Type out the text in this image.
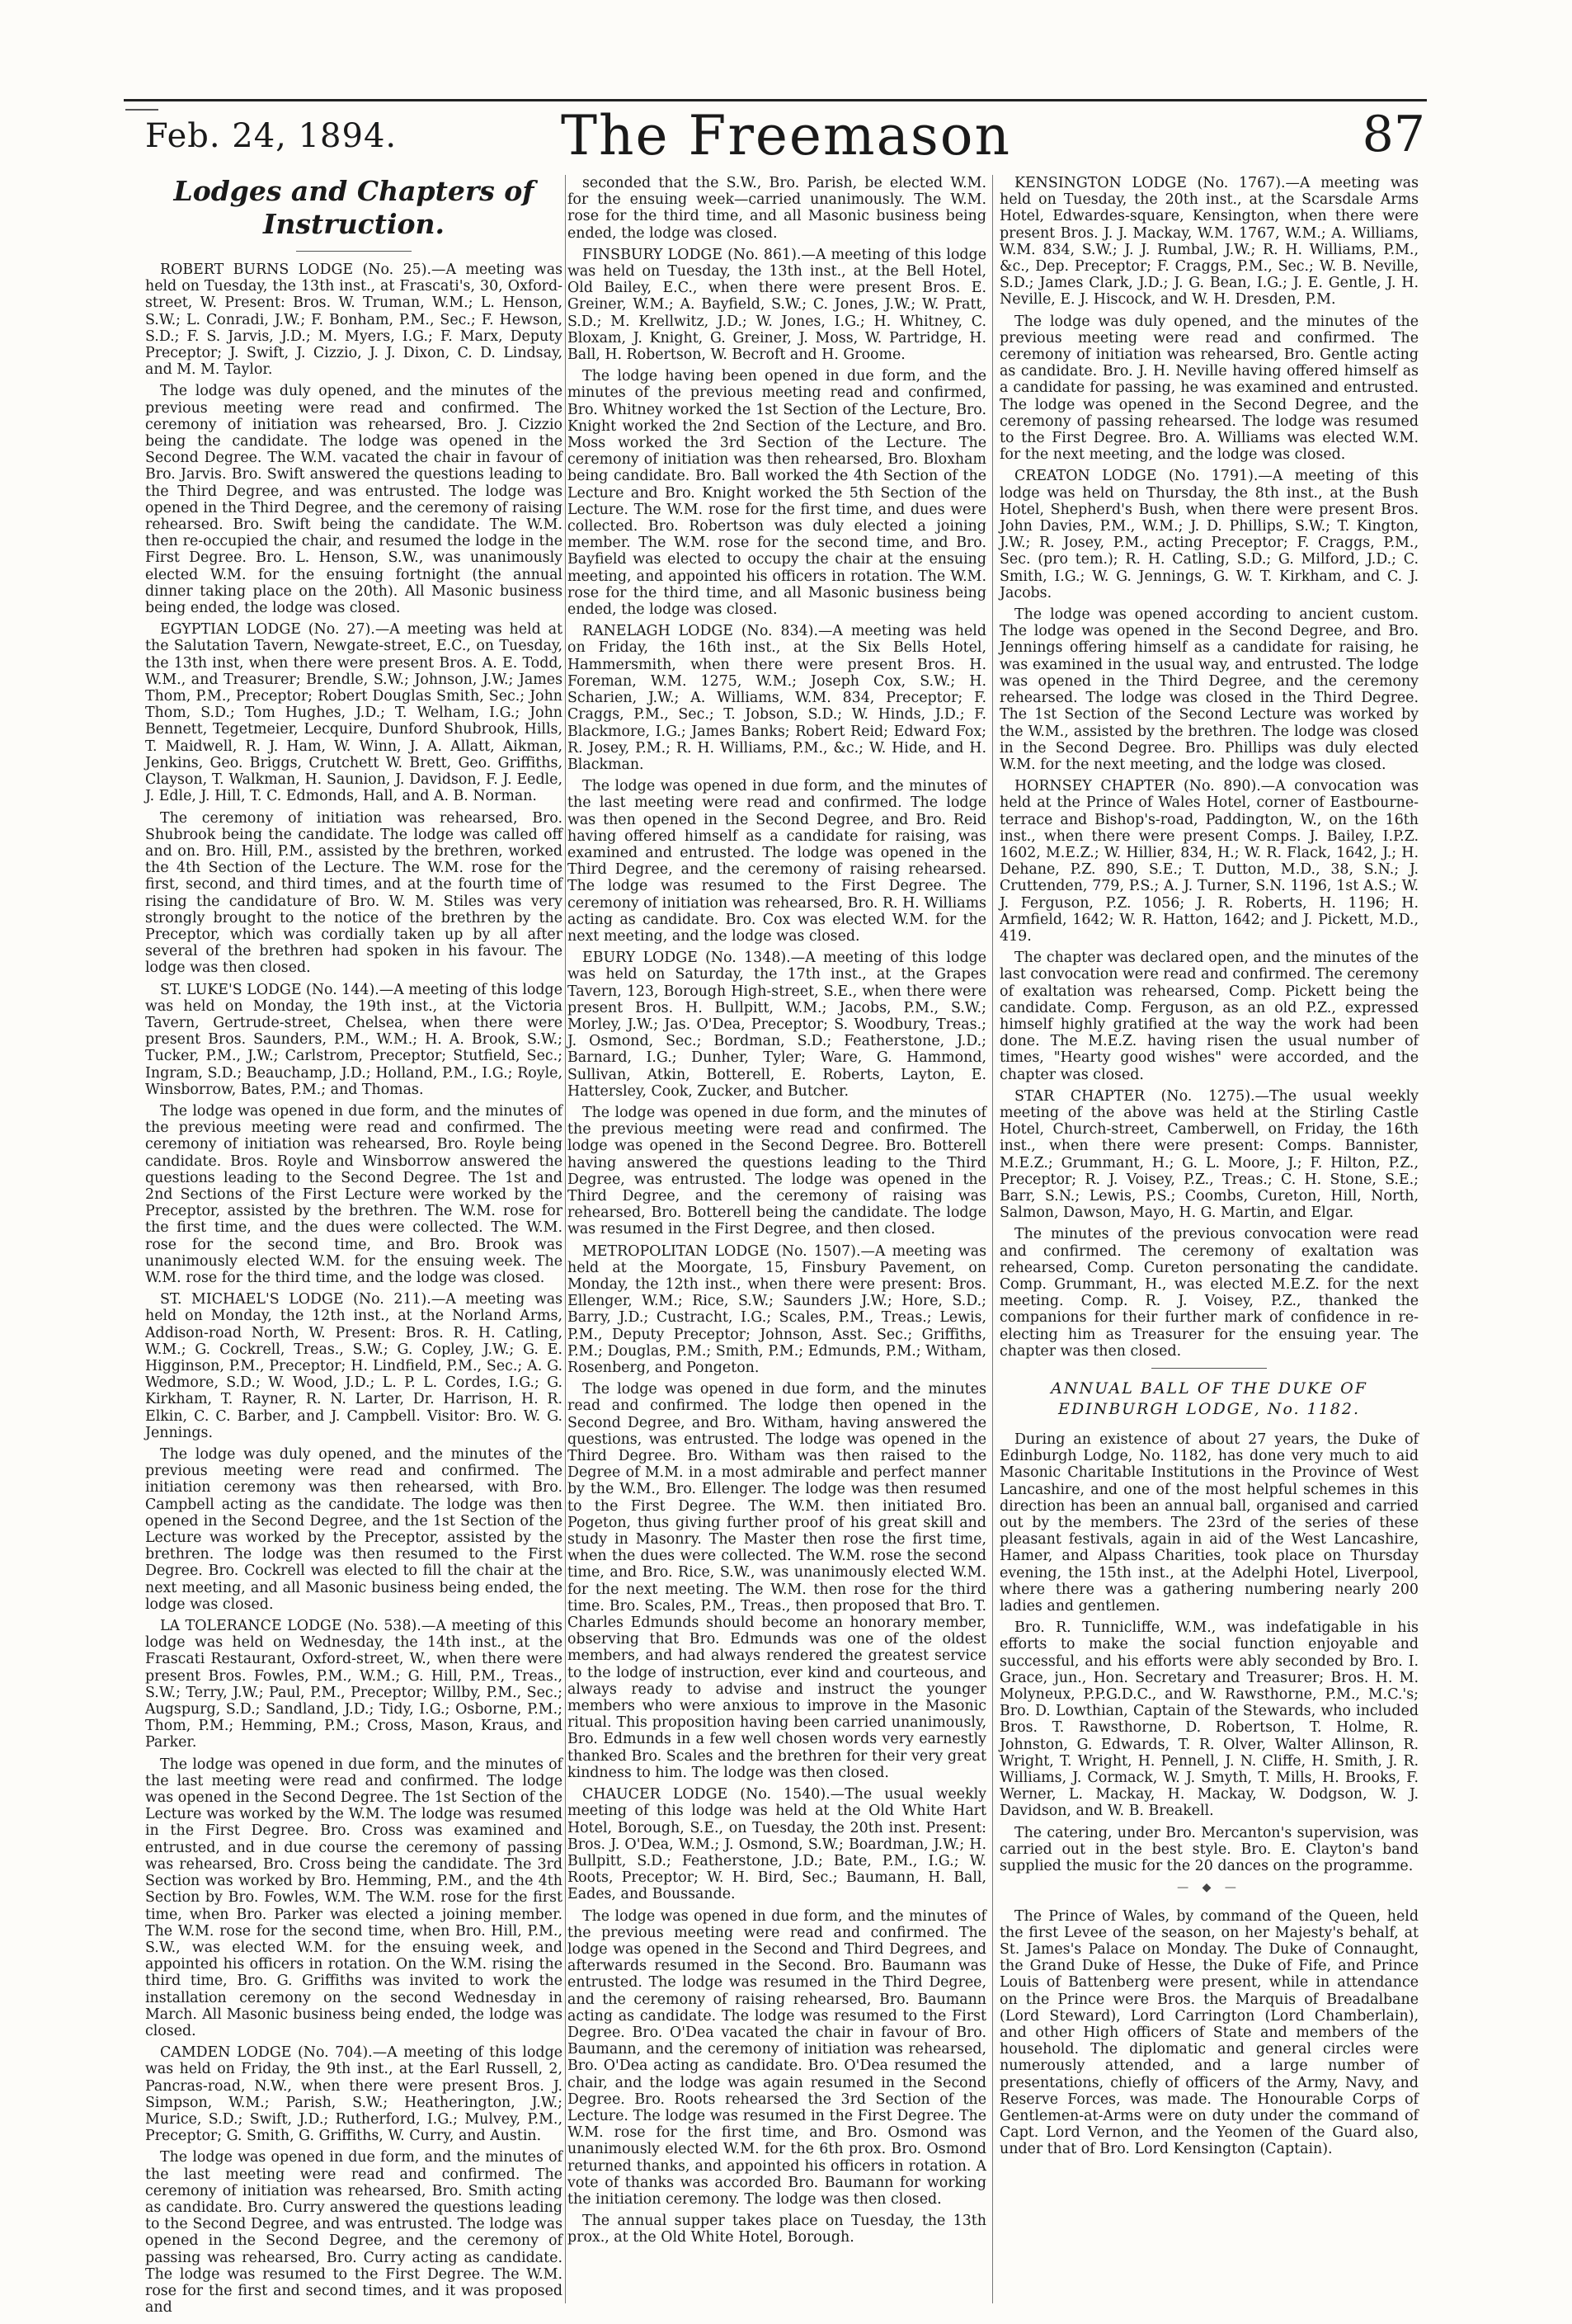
Feb. 24, 1894.	The Freemason	87
Lodges and Chapters of Instruction.

ROBERT BURNS LODGE (No. 25).—A meeting was held on Tuesday, the 13th inst., at Frascati's, 30, Oxford-street, W. Present: Bros. W. Truman, W.M.; L. Henson, S.W.; L. Conradi, J.W.; F. Bonham, P.M., Sec.; F. Hewson, S.D.; F. S. Jarvis, J.D.; M. Myers, I.G.; F. Marx, Deputy Preceptor; J. Swift, J. Cizzio, J. J. Dixon, C. D. Lindsay, and M. M. Taylor.

The lodge was duly opened, and the minutes of the previous meeting were read and confirmed. The ceremony of initiation was rehearsed, Bro. J. Cizzio being the candidate. The lodge was opened in the Second Degree. The W.M. vacated the chair in favour of Bro. Jarvis. Bro. Swift answered the questions leading to the Third Degree, and was entrusted. The lodge was opened in the Third Degree, and the ceremony of raising rehearsed. Bro. Swift being the candidate. The W.M. then re-occupied the chair, and resumed the lodge in the First Degree. Bro. L. Henson, S.W., was unanimously elected W.M. for the ensuing fortnight (the annual dinner taking place on the 20th). All Masonic business being ended, the lodge was closed.

EGYPTIAN LODGE (No. 27).—A meeting was held at the Salutation Tavern, Newgate-street, E.C., on Tuesday, the 13th inst, when there were present Bros. A. E. Todd, W.M., and Treasurer; Brendle, S.W.; Johnson, J.W.; James Thom, P.M., Preceptor; Robert Douglas Smith, Sec.; John Thom, S.D.; Tom Hughes, J.D.; T. Welham, I.G.; John Bennett, Tegetmeier, Lecquire, Dunford Shubrook, Hills, T. Maidwell, R. J. Ham, W. Winn, J. A. Allatt, Aikman, Jenkins, Geo. Briggs, Crutchett W. Brett, Geo. Griffiths, Clayson, T. Walkman, H. Saunion, J. Davidson, F. J. Eedle, J. Edle, J. Hill, T. C. Edmonds, Hall, and A. B. Norman.

The ceremony of initiation was rehearsed, Bro. Shubrook being the candidate. The lodge was called off and on. Bro. Hill, P.M., assisted by the brethren, worked the 4th Section of the Lecture. The W.M. rose for the first, second, and third times, and at the fourth time of rising the candidature of Bro. W. M. Stiles was very strongly brought to the notice of the brethren by the Preceptor, which was cordially taken up by all after several of the brethren had spoken in his favour. The lodge was then closed.

ST. LUKE'S LODGE (No. 144).—A meeting of this lodge was held on Monday, the 19th inst., at the Victoria Tavern, Gertrude-street, Chelsea, when there were present Bros. Saunders, P.M., W.M.; H. A. Brook, S.W.; Tucker, P.M., J.W.; Carlstrom, Preceptor; Stutfield, Sec.; Ingram, S.D.; Beauchamp, J.D.; Holland, P.M., I.G.; Royle, Winsborrow, Bates, P.M.; and Thomas.

The lodge was opened in due form, and the minutes of the previous meeting were read and confirmed. The ceremony of initiation was rehearsed, Bro. Royle being candidate. Bros. Royle and Winsborrow answered the questions leading to the Second Degree. The 1st and 2nd Sections of the First Lecture were worked by the Preceptor, assisted by the brethren. The W.M. rose for the first time, and the dues were collected. The W.M. rose for the second time, and Bro. Brook was unanimously elected W.M. for the ensuing week. The W.M. rose for the third time, and the lodge was closed.

ST. MICHAEL'S LODGE (No. 211).—A meeting was held on Monday, the 12th inst., at the Norland Arms, Addison-road North, W. Present: Bros. R. H. Catling, W.M.; G. Cockrell, Treas., S.W.; G. Copley, J.W.; G. E. Higginson, P.M., Preceptor; H. Lindfield, P.M., Sec.; A. G. Wedmore, S.D.; W. Wood, J.D.; L. P. L. Cordes, I.G.; G. Kirkham, T. Rayner, R. N. Larter, Dr. Harrison, H. R. Elkin, C. C. Barber, and J. Campbell. Visitor: Bro. W. G. Jennings.

The lodge was duly opened, and the minutes of the previous meeting were read and confirmed. The initiation ceremony was then rehearsed, with Bro. Campbell acting as the candidate. The lodge was then opened in the Second Degree, and the 1st Section of the Lecture was worked by the Preceptor, assisted by the brethren. The lodge was then resumed to the First Degree. Bro. Cockrell was elected to fill the chair at the next meeting, and all Masonic business being ended, the lodge was closed.

LA TOLERANCE LODGE (No. 538).—A meeting of this lodge was held on Wednesday, the 14th inst., at the Frascati Restaurant, Oxford-street, W., when there were present Bros. Fowles, P.M., W.M.; G. Hill, P.M., Treas., S.W.; Terry, J.W.; Paul, P.M., Preceptor; Willby, P.M., Sec.; Augspurg, S.D.; Sandland, J.D.; Tidy, I.G.; Osborne, P.M.; Thom, P.M.; Hemming, P.M.; Cross, Mason, Kraus, and Parker.

The lodge was opened in due form, and the minutes of the last meeting were read and confirmed. The lodge was opened in the Second Degree. The 1st Section of the Lecture was worked by the W.M. The lodge was resumed in the First Degree. Bro. Cross was examined and entrusted, and in due course the ceremony of passing was rehearsed, Bro. Cross being the candidate. The 3rd Section was worked by Bro. Hemming, P.M., and the 4th Section by Bro. Fowles, W.M. The W.M. rose for the first time, when Bro. Parker was elected a joining member. The W.M. rose for the second time, when Bro. Hill, P.M., S.W., was elected W.M. for the ensuing week, and appointed his officers in rotation. On the W.M. rising the third time, Bro. G. Griffiths was invited to work the installation ceremony on the second Wednesday in March. All Masonic business being ended, the lodge was closed.

CAMDEN LODGE (No. 704).—A meeting of this lodge was held on Friday, the 9th inst., at the Earl Russell, 2, Pancras-road, N.W., when there were present Bros. J. Simpson, W.M.; Parish, S.W.; Heatherington, J.W.; Murice, S.D.; Swift, J.D.; Rutherford, I.G.; Mulvey, P.M., Preceptor; G. Smith, G. Griffiths, W. Curry, and Austin.

The lodge was opened in due form, and the minutes of the last meeting were read and confirmed. The ceremony of initiation was rehearsed, Bro. Smith acting as candidate. Bro. Curry answered the questions leading to the Second Degree, and was entrusted. The lodge was opened in the Second Degree, and the ceremony of passing was rehearsed, Bro. Curry acting as candidate. The lodge was resumed to the First Degree. The W.M. rose for the first and second times, and it was proposed and

seconded that the S.W., Bro. Parish, be elected W.M. for the ensuing week—carried unanimously. The W.M. rose for the third time, and all Masonic business being ended, the lodge was closed.

FINSBURY LODGE (No. 861).—A meeting of this lodge was held on Tuesday, the 13th inst., at the Bell Hotel, Old Bailey, E.C., when there were present Bros. E. Greiner, W.M.; A. Bayfield, S.W.; C. Jones, J.W.; W. Pratt, S.D.; M. Krellwitz, J.D.; W. Jones, I.G.; H. Whitney, C. Bloxam, J. Knight, G. Greiner, J. Moss, W. Partridge, H. Ball, H. Robertson, W. Becroft and H. Groome.

The lodge having been opened in due form, and the minutes of the previous meeting read and confirmed, Bro. Whitney worked the 1st Section of the Lecture, Bro. Knight worked the 2nd Section of the Lecture, and Bro. Moss worked the 3rd Section of the Lecture. The ceremony of initiation was then rehearsed, Bro. Bloxham being candidate. Bro. Ball worked the 4th Section of the Lecture and Bro. Knight worked the 5th Section of the Lecture. The W.M. rose for the first time, and dues were collected. Bro. Robertson was duly elected a joining member. The W.M. rose for the second time, and Bro. Bayfield was elected to occupy the chair at the ensuing meeting, and appointed his officers in rotation. The W.M. rose for the third time, and all Masonic business being ended, the lodge was closed.

RANELAGH LODGE (No. 834).—A meeting was held on Friday, the 16th inst., at the Six Bells Hotel, Hammersmith, when there were present Bros. H. Foreman, W.M. 1275, W.M.; Joseph Cox, S.W.; H. Scharien, J.W.; A. Williams, W.M. 834, Preceptor; F. Craggs, P.M., Sec.; T. Jobson, S.D.; W. Hinds, J.D.; F. Blackmore, I.G.; James Banks; Robert Reid; Edward Fox; R. Josey, P.M.; R. H. Williams, P.M., &c.; W. Hide, and H. Blackman.

The lodge was opened in due form, and the minutes of the last meeting were read and confirmed. The lodge was then opened in the Second Degree, and Bro. Reid having offered himself as a candidate for raising, was examined and entrusted. The lodge was opened in the Third Degree, and the ceremony of raising rehearsed. The lodge was resumed to the First Degree. The ceremony of initiation was rehearsed, Bro. R. H. Williams acting as candidate. Bro. Cox was elected W.M. for the next meeting, and the lodge was closed.

EBURY LODGE (No. 1348).—A meeting of this lodge was held on Saturday, the 17th inst., at the Grapes Tavern, 123, Borough High-street, S.E., when there were present Bros. H. Bullpitt, W.M.; Jacobs, P.M., S.W.; Morley, J.W.; Jas. O'Dea, Preceptor; S. Woodbury, Treas.; J. Osmond, Sec.; Bordman, S.D.; Featherstone, J.D.; Barnard, I.G.; Dunher, Tyler; Ware, G. Hammond, Sullivan, Atkin, Botterell, E. Roberts, Layton, E. Hattersley, Cook, Zucker, and Butcher.

The lodge was opened in due form, and the minutes of the previous meeting were read and confirmed. The lodge was opened in the Second Degree. Bro. Botterell having answered the questions leading to the Third Degree, was entrusted. The lodge was opened in the Third Degree, and the ceremony of raising was rehearsed, Bro. Botterell being the candidate. The lodge was resumed in the First Degree, and then closed.

METROPOLITAN LODGE (No. 1507).—A meeting was held at the Moorgate, 15, Finsbury Pavement, on Monday, the 12th inst., when there were present: Bros. Ellenger, W.M.; Rice, S.W.; Saunders J.W.; Hore, S.D.; Barry, J.D.; Custracht, I.G.; Scales, P.M., Treas.; Lewis, P.M., Deputy Preceptor; Johnson, Asst. Sec.; Griffiths, P.M.; Douglas, P.M.; Smith, P.M.; Edmunds, P.M.; Witham, Rosenberg, and Pongeton.

The lodge was opened in due form, and the minutes read and confirmed. The lodge then opened in the Second Degree, and Bro. Witham, having answered the questions, was entrusted. The lodge was opened in the Third Degree. Bro. Witham was then raised to the Degree of M.M. in a most admirable and perfect manner by the W.M., Bro. Ellenger. The lodge was then resumed to the First Degree. The W.M. then initiated Bro. Pogeton, thus giving further proof of his great skill and study in Masonry. The Master then rose the first time, when the dues were collected. The W.M. rose the second time, and Bro. Rice, S.W., was unanimously elected W.M. for the next meeting. The W.M. then rose for the third time. Bro. Scales, P.M., Treas., then proposed that Bro. T. Charles Edmunds should become an honorary member, observing that Bro. Edmunds was one of the oldest members, and had always rendered the greatest service to the lodge of instruction, ever kind and courteous, and always ready to advise and instruct the younger members who were anxious to improve in the Masonic ritual. This proposition having been carried unanimously, Bro. Edmunds in a few well chosen words very earnestly thanked Bro. Scales and the brethren for their very great kindness to him. The lodge was then closed.

CHAUCER LODGE (No. 1540).—The usual weekly meeting of this lodge was held at the Old White Hart Hotel, Borough, S.E., on Tuesday, the 20th inst. Present: Bros. J. O'Dea, W.M.; J. Osmond, S.W.; Boardman, J.W.; H. Bullpitt, S.D.; Featherstone, J.D.; Bate, P.M., I.G.; W. Roots, Preceptor; W. H. Bird, Sec.; Baumann, H. Ball, Eades, and Boussande.

The lodge was opened in due form, and the minutes of the previous meeting were read and confirmed. The lodge was opened in the Second and Third Degrees, and afterwards resumed in the Second. Bro. Baumann was entrusted. The lodge was resumed in the Third Degree, and the ceremony of raising rehearsed, Bro. Baumann acting as candidate. The lodge was resumed to the First Degree. Bro. O'Dea vacated the chair in favour of Bro. Baumann, and the ceremony of initiation was rehearsed, Bro. O'Dea acting as candidate. Bro. O'Dea resumed the chair, and the lodge was again resumed in the Second Degree. Bro. Roots rehearsed the 3rd Section of the Lecture. The lodge was resumed in the First Degree. The W.M. rose for the first time, and Bro. Osmond was unanimously elected W.M. for the 6th prox. Bro. Osmond returned thanks, and appointed his officers in rotation. A vote of thanks was accorded Bro. Baumann for working the initiation ceremony. The lodge was then closed.

The annual supper takes place on Tuesday, the 13th prox., at the Old White Hotel, Borough.

KENSINGTON LODGE (No. 1767).—A meeting was held on Tuesday, the 20th inst., at the Scarsdale Arms Hotel, Edwardes-square, Kensington, when there were present Bros. J. J. Mackay, W.M. 1767, W.M.; A. Williams, W.M. 834, S.W.; J. J. Rumbal, J.W.; R. H. Williams, P.M., &c., Dep. Preceptor; F. Craggs, P.M., Sec.; W. B. Neville, S.D.; James Clark, J.D.; J. G. Bean, I.G.; J. E. Gentle, J. H. Neville, E. J. Hiscock, and W. H. Dresden, P.M.

The lodge was duly opened, and the minutes of the previous meeting were read and confirmed. The ceremony of initiation was rehearsed, Bro. Gentle acting as candidate. Bro. J. H. Neville having offered himself as a candidate for passing, he was examined and entrusted. The lodge was opened in the Second Degree, and the ceremony of passing rehearsed. The lodge was resumed to the First Degree. Bro. A. Williams was elected W.M. for the next meeting, and the lodge was closed.

CREATON LODGE (No. 1791).—A meeting of this lodge was held on Thursday, the 8th inst., at the Bush Hotel, Shepherd's Bush, when there were present Bros. John Davies, P.M., W.M.; J. D. Phillips, S.W.; T. Kington, J.W.; R. Josey, P.M., acting Preceptor; F. Craggs, P.M., Sec. (pro tem.); R. H. Catling, S.D.; G. Milford, J.D.; C. Smith, I.G.; W. G. Jennings, G. W. T. Kirkham, and C. J. Jacobs.

The lodge was opened according to ancient custom. The lodge was opened in the Second Degree, and Bro. Jennings offering himself as a candidate for raising, he was examined in the usual way, and entrusted. The lodge was opened in the Third Degree, and the ceremony rehearsed. The lodge was closed in the Third Degree. The 1st Section of the Second Lecture was worked by the W.M., assisted by the brethren. The lodge was closed in the Second Degree. Bro. Phillips was duly elected W.M. for the next meeting, and the lodge was closed.

HORNSEY CHAPTER (No. 890).—A convocation was held at the Prince of Wales Hotel, corner of Eastbourne-terrace and Bishop's-road, Paddington, W., on the 16th inst., when there were present Comps. J. Bailey, I.P.Z. 1602, M.E.Z.; W. Hillier, 834, H.; W. R. Flack, 1642, J.; H. Dehane, P.Z. 890, S.E.; T. Dutton, M.D., 38, S.N.; J. Cruttenden, 779, P.S.; A. J. Turner, S.N. 1196, 1st A.S.; W. J. Ferguson, P.Z. 1056; J. R. Roberts, H. 1196; H. Armfield, 1642; W. R. Hatton, 1642; and J. Pickett, M.D., 419.

The chapter was declared open, and the minutes of the last convocation were read and confirmed. The ceremony of exaltation was rehearsed, Comp. Pickett being the candidate. Comp. Ferguson, as an old P.Z., expressed himself highly gratified at the way the work had been done. The M.E.Z. having risen the usual number of times, "Hearty good wishes" were accorded, and the chapter was closed.

STAR CHAPTER (No. 1275).—The usual weekly meeting of the above was held at the Stirling Castle Hotel, Church-street, Camberwell, on Friday, the 16th inst., when there were present: Comps. Bannister, M.E.Z.; Grummant, H.; G. L. Moore, J.; F. Hilton, P.Z., Preceptor; R. J. Voisey, P.Z., Treas.; C. H. Stone, S.E.; Barr, S.N.; Lewis, P.S.; Coombs, Cureton, Hill, North, Salmon, Dawson, Mayo, H. G. Martin, and Elgar.

The minutes of the previous convocation were read and confirmed. The ceremony of exaltation was rehearsed, Comp. Cureton personating the candidate. Comp. Grummant, H., was elected M.E.Z. for the next meeting. Comp. R. J. Voisey, P.Z., thanked the companions for their further mark of confidence in re-electing him as Treasurer for the ensuing year. The chapter was then closed.

ANNUAL BALL OF THE DUKE OF
EDINBURGH LODGE, No. 1182.

During an existence of about 27 years, the Duke of Edinburgh Lodge, No. 1182, has done very much to aid Masonic Charitable Institutions in the Province of West Lancashire, and one of the most helpful schemes in this direction has been an annual ball, organised and carried out by the members. The 23rd of the series of these pleasant festivals, again in aid of the West Lancashire, Hamer, and Alpass Charities, took place on Thursday evening, the 15th inst., at the Adelphi Hotel, Liverpool, where there was a gathering numbering nearly 200 ladies and gentlemen.

Bro. R. Tunnicliffe, W.M., was indefatigable in his efforts to make the social function enjoyable and successful, and his efforts were ably seconded by Bro. I. Grace, jun., Hon. Secretary and Treasurer; Bros. H. M. Molyneux, P.P.G.D.C., and W. Rawsthorne, P.M., M.C.'s; Bro. D. Lowthian, Captain of the Stewards, who included Bros. T. Rawsthorne, D. Robertson, T. Holme, R. Johnston, G. Edwards, T. R. Olver, Walter Allinson, R. Wright, T. Wright, H. Pennell, J. N. Cliffe, H. Smith, J. R. Williams, J. Cormack, W. J. Smyth, T. Mills, H. Brooks, F. Werner, L. Mackay, H. Mackay, W. Dodgson, W. J. Davidson, and W. B. Breakell.

The catering, under Bro. Mercanton's supervision, was carried out in the best style. Bro. E. Clayton's band supplied the music for the 20 dances on the programme.

— ◆ —

The Prince of Wales, by command of the Queen, held the first Levee of the season, on her Majesty's behalf, at St. James's Palace on Monday. The Duke of Connaught, the Grand Duke of Hesse, the Duke of Fife, and Prince Louis of Battenberg were present, while in attendance on the Prince were Bros. the Marquis of Breadalbane (Lord Steward), Lord Carrington (Lord Chamberlain), and other High officers of State and members of the household. The diplomatic and general circles were numerously attended, and a large number of presentations, chiefly of officers of the Army, Navy, and Reserve Forces, was made. The Honourable Corps of Gentlemen-at-Arms were on duty under the command of Capt. Lord Vernon, and the Yeomen of the Guard also, under that of Bro. Lord Kensington (Captain).
